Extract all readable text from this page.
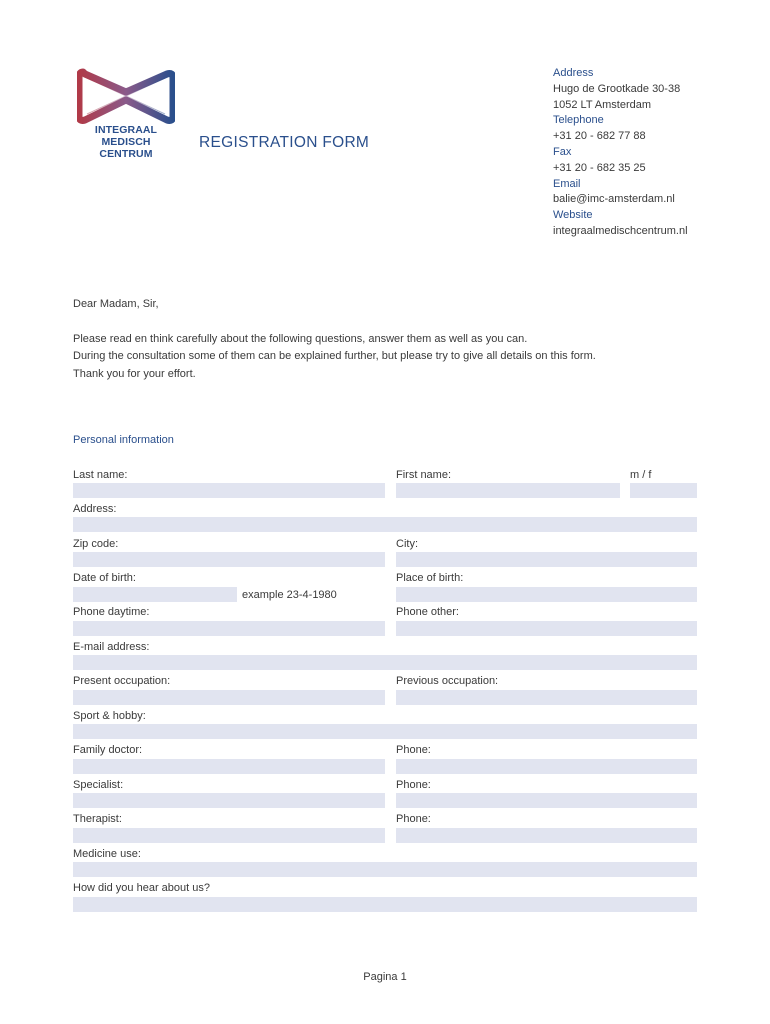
INTEGRAAL
MEDISCH CENTRUM
REGISTRATION FORM
Address
Hugo de Grootkade 30-38
1052 LT Amsterdam
Telephone
+31 20 - 682 77 88
Fax
+31 20 - 682 35 25
Email
balie@imc-amsterdam.nl
Website
integraalmedischcentrum.nl
Dear Madam, Sir,
Please read en think carefully about the following questions, answer them as well as you can.
During the consultation some of them can be explained further, but please try to give all details on this form.
Thank you for your effort.
Personal information
Last name:	First name:	m / f
Address:
Zip code:	City:
Date of birth:	Place of birth:
example 23-4-1980
Phone daytime:	Phone other:
E-mail address:
Present occupation:	Previous occupation:
Sport & hobby:
Family doctor:	Phone:
Specialist:	Phone:
Therapist:	Phone:
Medicine use:
How did you hear about us?
Pagina 1
